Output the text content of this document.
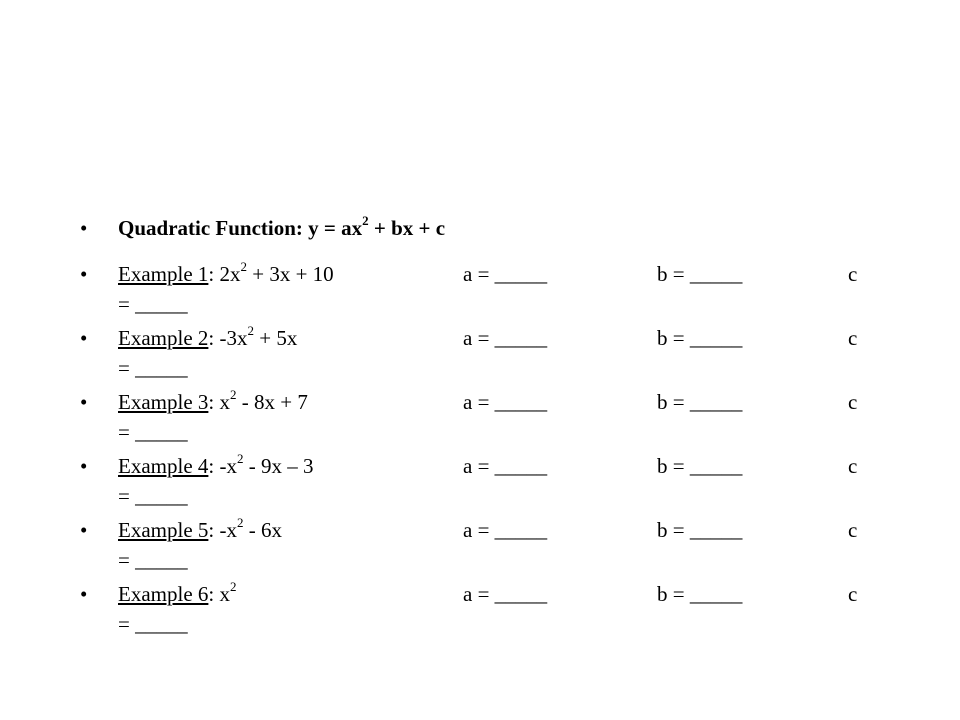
•	Quadratic Function: $y = ax^2$ + bx + c
•	Example 1: $2x^2 + 3x + 10$	a = _____	b = _____	c
= _____
•	Example 2: $-3x^2 + 5x$	a = _____	b = _____	c
= _____
•	Example 3: $x^2 - 8x + 7$	a = _____	b = _____	c
= _____
•	Example 4: $-x^2 - 9x - 3$	a = _____	b = _____	c
= _____
•	Example 5: $-x^2 - 6x$	a = _____	b = _____	c
= _____
•	Example 6: $x^2$	a = _____	b = _____	c
= _____
